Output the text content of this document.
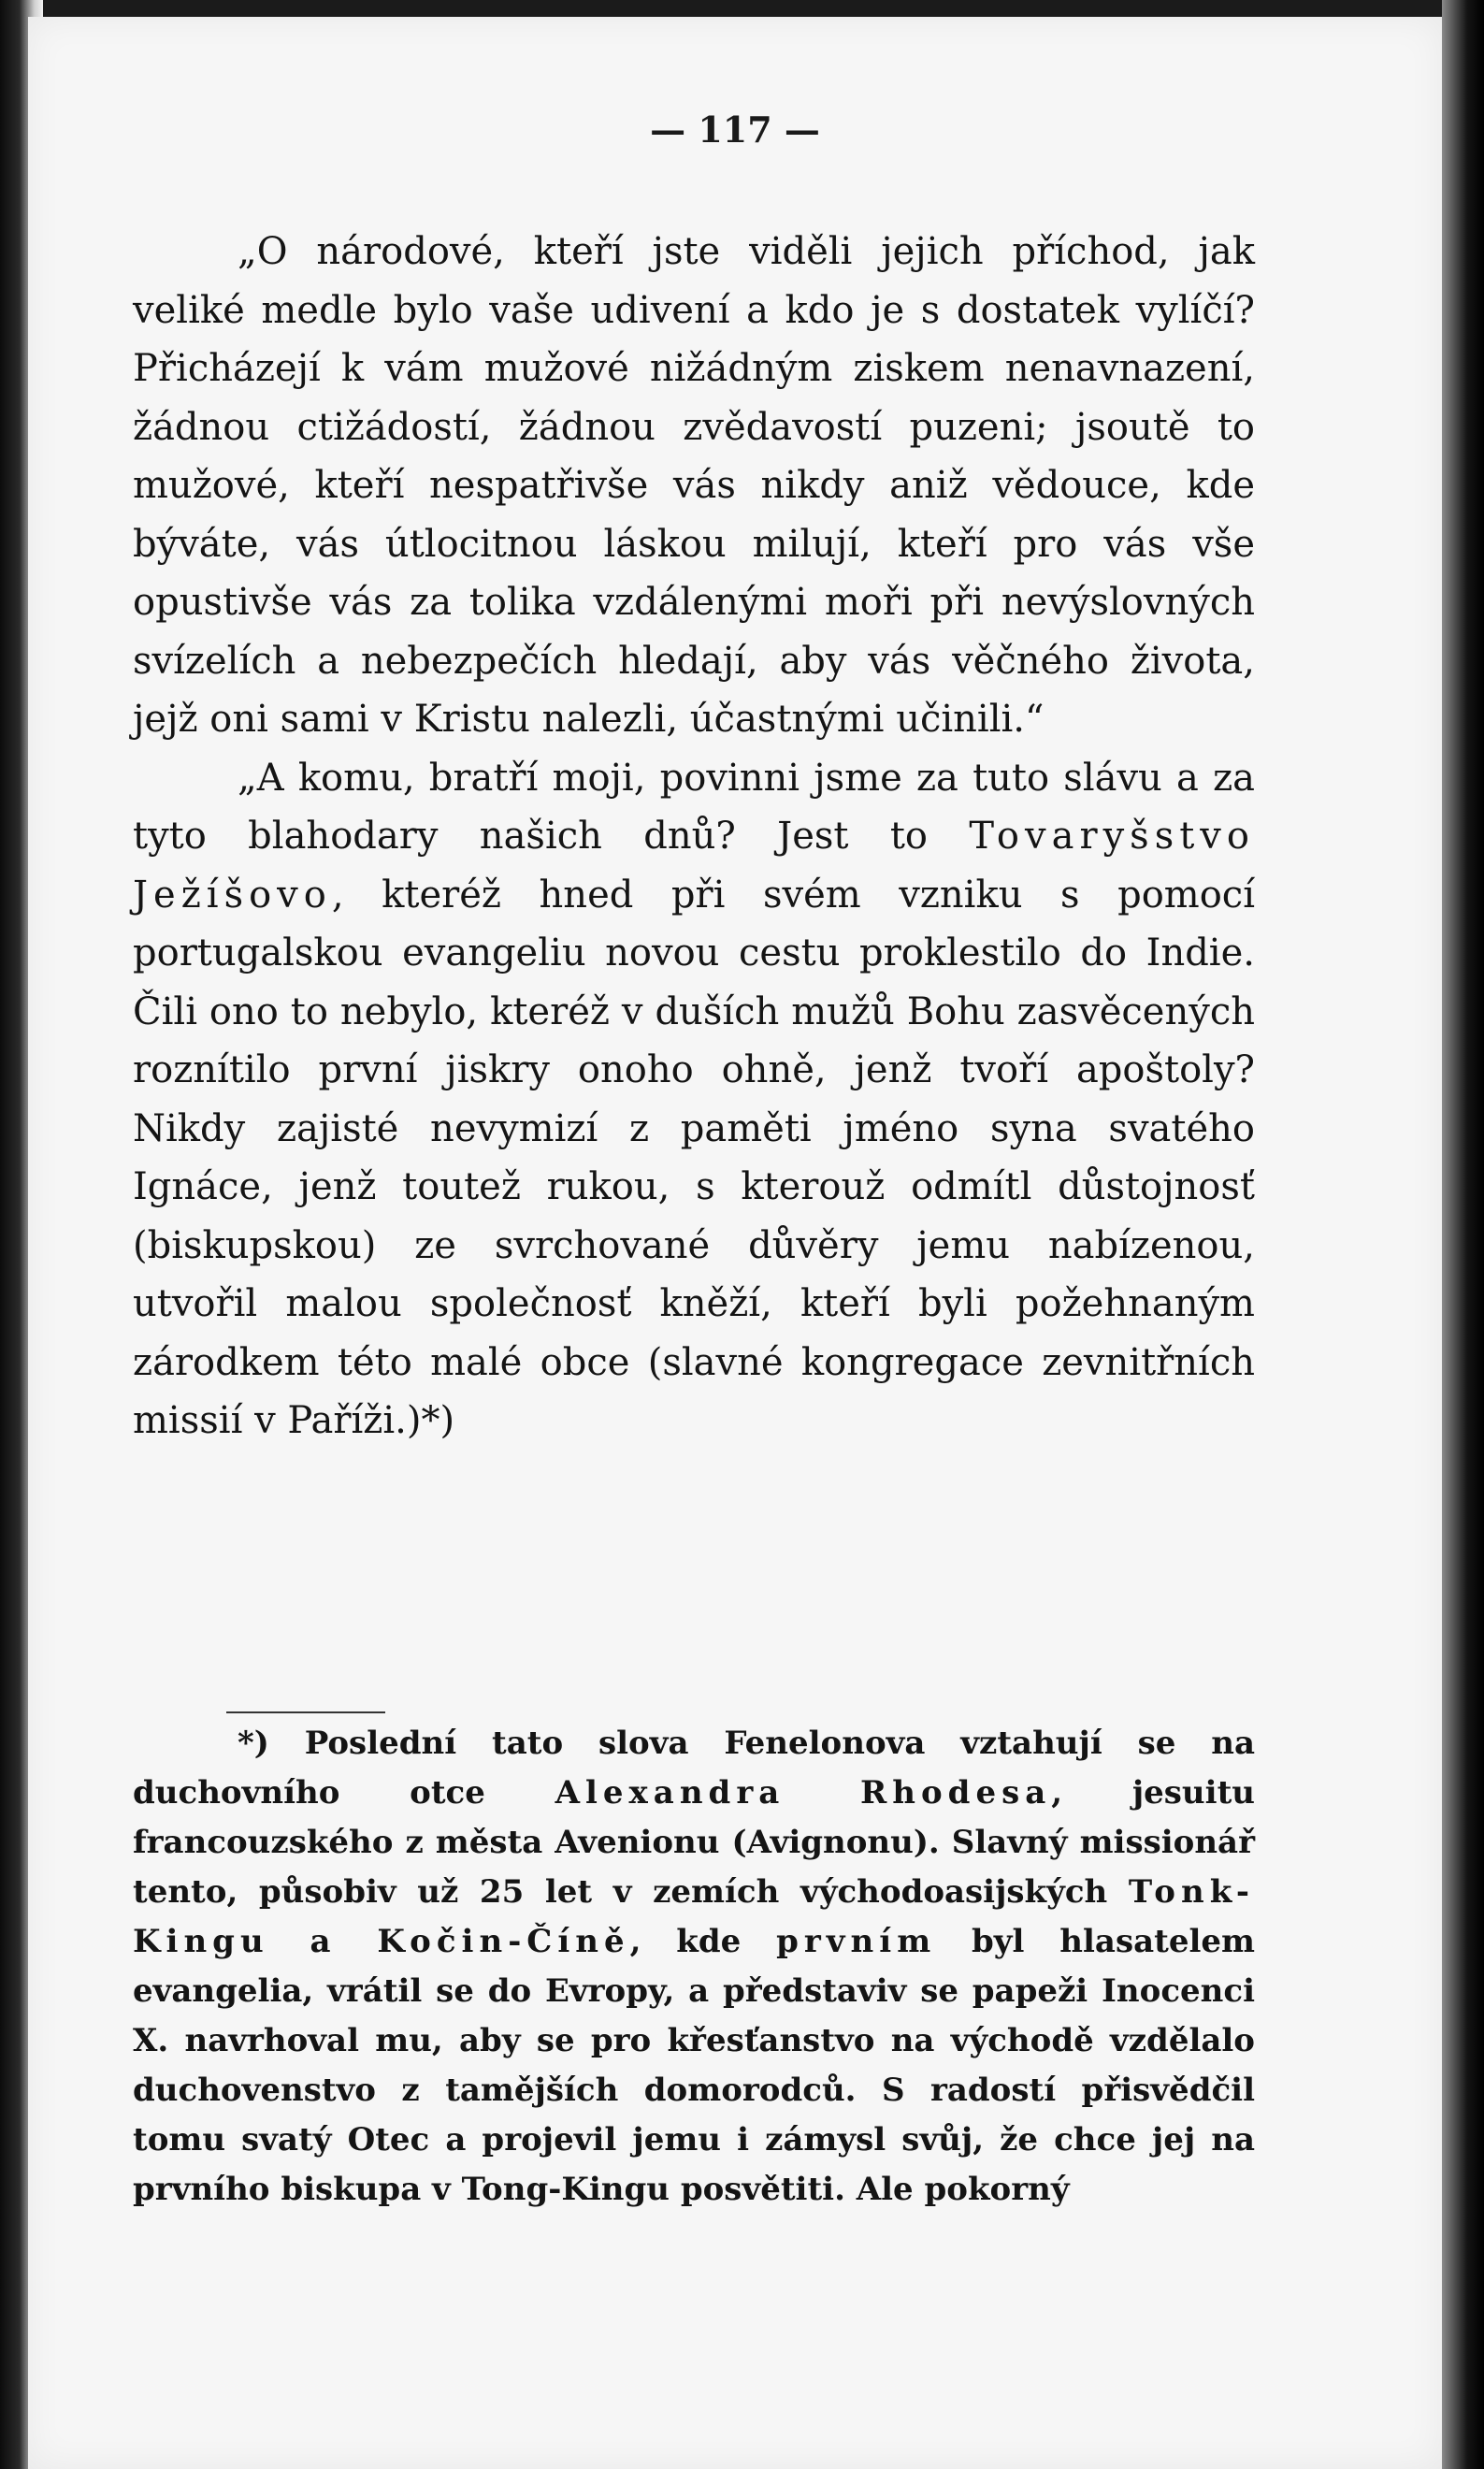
— 117 —

„O národové, kteří jste viděli jejich příchod, jak veliké medle bylo vaše udivení a kdo je s dostatek vylíčí? Přicházejí k vám mužové nižádným ziskem nenavnazení, žádnou ctižádostí, žádnou zvědavostí puzeni; jsoutě to mužové, kteří nespatřivše vás nikdy aniž vědouce, kde býváte, vás útlocitnou láskou milují, kteří pro vás vše opustivše vás za tolika vzdálenými moři při nevýslovných svízelích a nebezpečích hledají, aby vás věčného života, jejž oni sami v Kristu nalezli, účastnými učinili.“

„A komu, bratří moji, povinni jsme za tuto slávu a za tyto blahodary našich dnů? Jest to Tovaryšstvo Ježíšovo, kteréž hned při svém vzniku s pomocí portugalskou evangeliu novou cestu proklestilo do Indie. Čili ono to nebylo, kteréž v duších mužů Bohu zasvěcených roznítilo první jiskry onoho ohně, jenž tvoří apoštoly? Nikdy zajisté nevymizí z paměti jméno syna svatého Ignáce, jenž toutež rukou, s kterouž odmítl důstojnosť (biskupskou) ze svrchované důvěry jemu nabízenou, utvořil malou společnosť kněží, kteří byli požehnaným zárodkem této malé obce (slavné kongregace zevnitřních missií v Paříži.)*)

*) Poslední tato slova Fenelonova vztahují se na duchovního otce Alexandra Rhodesa, jesuitu francouzského z města Avenionu (Avignonu). Slavný missionář tento, působiv už 25 let v zemích východoasijských Tonk-Kingu a Kočin-Číně, kde prvním byl hlasatelem evangelia, vrátil se do Evropy, a představiv se papeži Inocenci X. navrhoval mu, aby se pro křesťanstvo na východě vzdělalo duchovenstvo z tamějších domorodců. S radostí přisvědčil tomu svatý Otec a projevil jemu i zámysl svůj, že chce jej na prvního biskupa v Tong-Kingu posvětiti. Ale pokorný
